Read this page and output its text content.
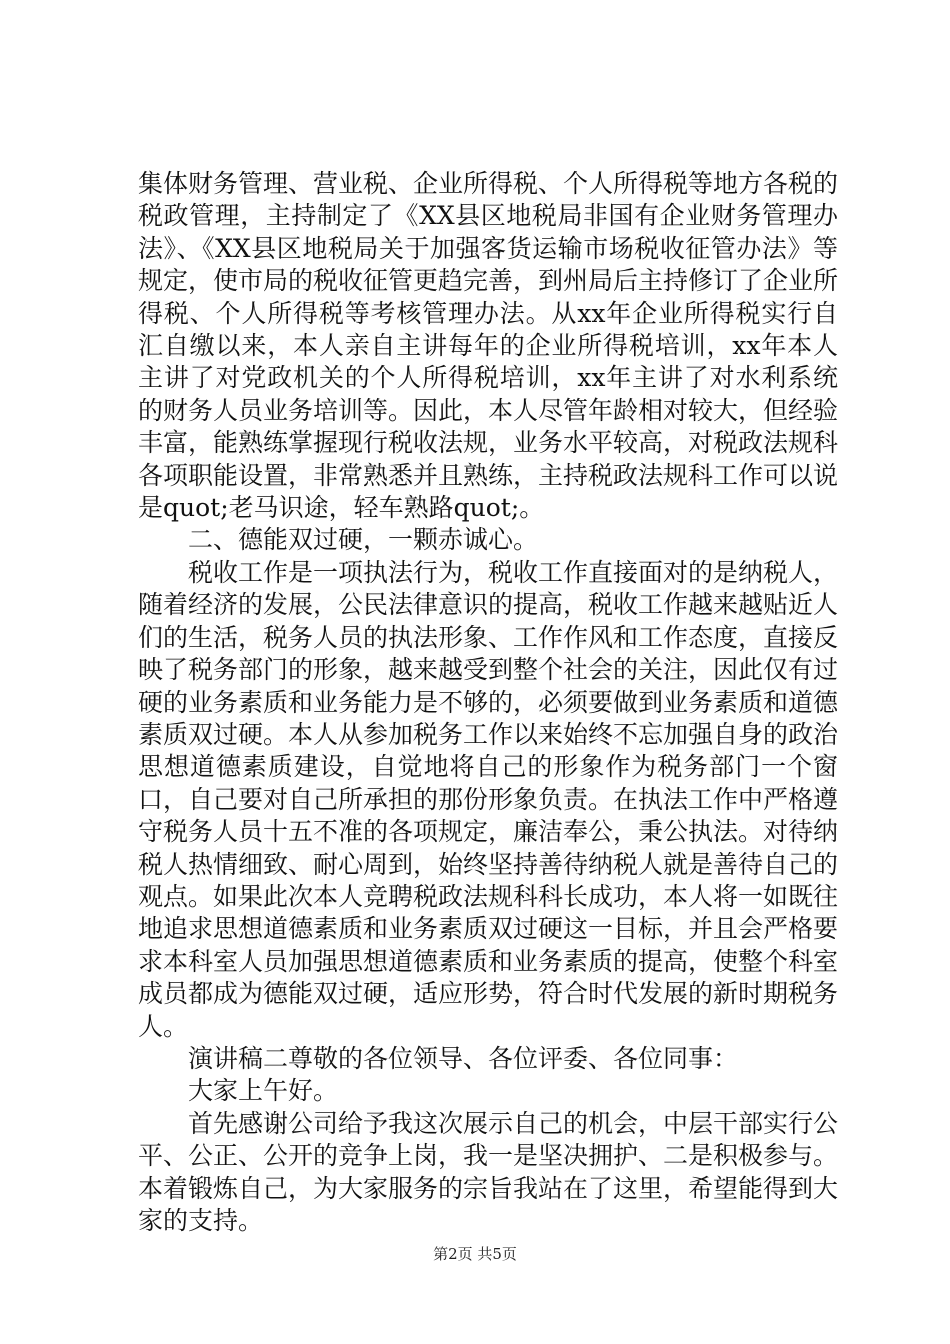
集体财务管理、营业税、企业所得税、个人所得税等地方各税的税政管理，主持制定了《XX县区地税局非国有企业财务管理办法》、《XX县区地税局关于加强客货运输市场税收征管办法》等规定，使市局的税收征管更趋完善，到州局后主持修订了企业所得税、个人所得税等考核管理办法。从xx年企业所得税实行自汇自缴以来，本人亲自主讲每年的企业所得税培训，xx年本人主讲了对党政机关的个人所得税培训，xx年主讲了对水利系统的财务人员业务培训等。因此，本人尽管年龄相对较大，但经验丰富，能熟练掌握现行税收法规，业务水平较高，对税政法规科各项职能设置，非常熟悉并且熟练，主持税政法规科工作可以说是quot;老马识途，轻车熟路quot;。

二、德能双过硬，一颗赤诚心。

税收工作是一项执法行为，税收工作直接面对的是纳税人，随着经济的发展，公民法律意识的提高，税收工作越来越贴近人们的生活，税务人员的执法形象、工作作风和工作态度，直接反映了税务部门的形象，越来越受到整个社会的关注，因此仅有过硬的业务素质和业务能力是不够的，必须要做到业务素质和道德素质双过硬。本人从参加税务工作以来始终不忘加强自身的政治思想道德素质建设，自觉地将自己的形象作为税务部门一个窗口，自己要对自己所承担的那份形象负责。在执法工作中严格遵守税务人员十五不准的各项规定，廉洁奉公，秉公执法。对待纳税人热情细致、耐心周到，始终坚持善待纳税人就是善待自己的观点。如果此次本人竞聘税政法规科科长成功，本人将一如既往地追求思想道德素质和业务素质双过硬这一目标，并且会严格要求本科室人员加强思想道德素质和业务素质的提高，使整个科室成员都成为德能双过硬，适应形势，符合时代发展的新时期税务人。

演讲稿二尊敬的各位领导、各位评委、各位同事：

大家上午好。

首先感谢公司给予我这次展示自己的机会，中层干部实行公平、公正、公开的竞争上岗，我一是坚决拥护、二是积极参与。本着锻炼自己，为大家服务的宗旨我站在了这里，希望能得到大家的支持。

第2页 共5页
